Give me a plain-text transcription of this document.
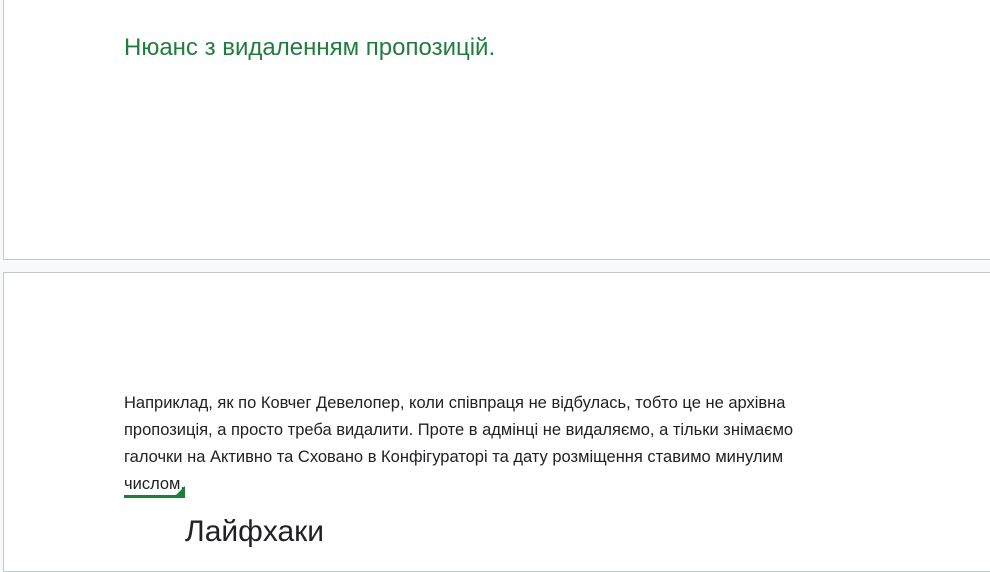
Нюанс з видаленням пропозицій.
Наприклад, як по Ковчег Девелопер, коли співпраця не відбулась, тобто це не архівна
пропозиція, а просто треба видалити. Проте в адмінці не видаляємо, а тільки знімаємо
галочки на Активно та Сховано в Конфігураторі та дату розміщення ставимо минулим
числом.
Лайфхаки
